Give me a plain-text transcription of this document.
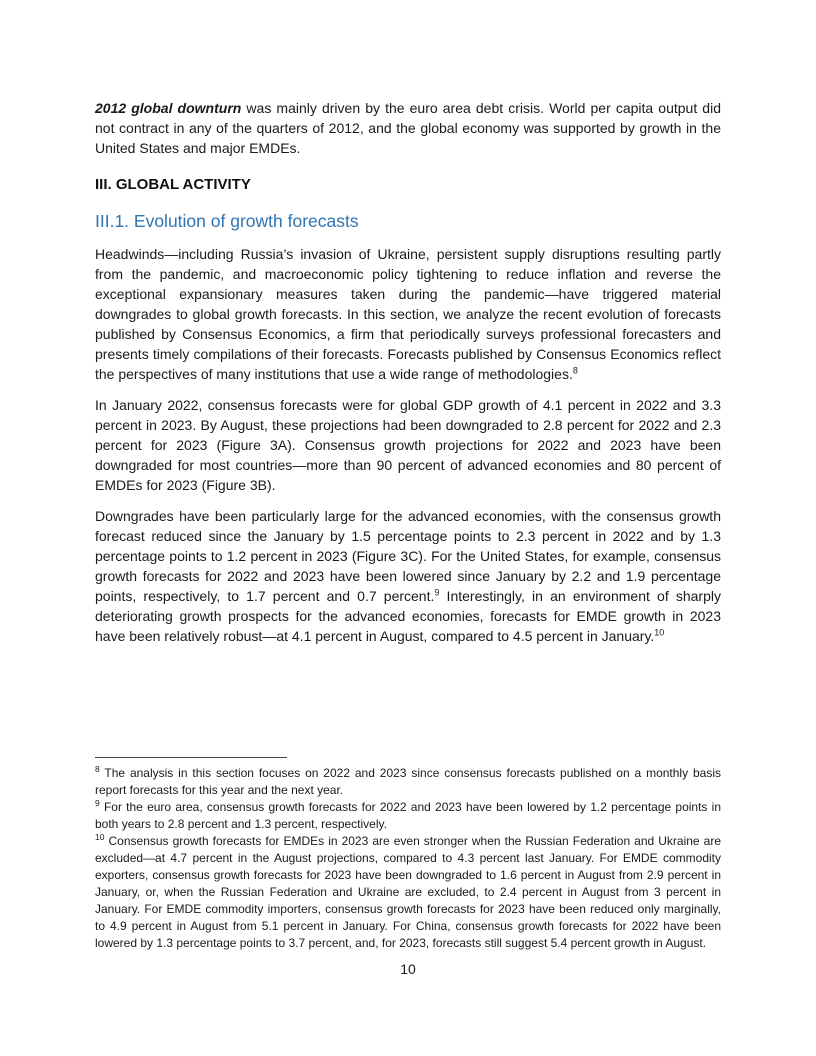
2012 global downturn was mainly driven by the euro area debt crisis. World per capita output did not contract in any of the quarters of 2012, and the global economy was supported by growth in the United States and major EMDEs.

III. GLOBAL ACTIVITY
III.1. Evolution of growth forecasts

Headwinds—including Russia’s invasion of Ukraine, persistent supply disruptions resulting partly from the pandemic, and macroeconomic policy tightening to reduce inflation and reverse the exceptional expansionary measures taken during the pandemic—have triggered material downgrades to global growth forecasts. In this section, we analyze the recent evolution of forecasts published by Consensus Economics, a firm that periodically surveys professional forecasters and presents timely compilations of their forecasts. Forecasts published by Consensus Economics reflect the perspectives of many institutions that use a wide range of methodologies.$^8$

In January 2022, consensus forecasts were for global GDP growth of 4.1 percent in 2022 and 3.3 percent in 2023. By August, these projections had been downgraded to 2.8 percent for 2022 and 2.3 percent for 2023 (Figure 3A). Consensus growth projections for 2022 and 2023 have been downgraded for most countries—more than 90 percent of advanced economies and 80 percent of EMDEs for 2023 (Figure 3B).

Downgrades have been particularly large for the advanced economies, with the consensus growth forecast reduced since the January by 1.5 percentage points to 2.3 percent in 2022 and by 1.3 percentage points to 1.2 percent in 2023 (Figure 3C). For the United States, for example, consensus growth forecasts for 2022 and 2023 have been lowered since January by 2.2 and 1.9 percentage points, respectively, to 1.7 percent and 0.7 percent.$^9$ Interestingly, in an environment of sharply deteriorating growth prospects for the advanced economies, forecasts for EMDE growth in 2023 have been relatively robust—at 4.1 percent in August, compared to 4.5 percent in January.$^{10}$

$^8$ The analysis in this section focuses on 2022 and 2023 since consensus forecasts published on a monthly basis report forecasts for this year and the next year.

$^9$ For the euro area, consensus growth forecasts for 2022 and 2023 have been lowered by 1.2 percentage points in both years to 2.8 percent and 1.3 percent, respectively.

$^{10}$ Consensus growth forecasts for EMDEs in 2023 are even stronger when the Russian Federation and Ukraine are excluded—at 4.7 percent in the August projections, compared to 4.3 percent last January. For EMDE commodity exporters, consensus growth forecasts for 2023 have been downgraded to 1.6 percent in August from 2.9 percent in January, or, when the Russian Federation and Ukraine are excluded, to 2.4 percent in August from 3 percent in January. For EMDE commodity importers, consensus growth forecasts for 2023 have been reduced only marginally, to 4.9 percent in August from 5.1 percent in January. For China, consensus growth forecasts for 2022 have been lowered by 1.3 percentage points to 3.7 percent, and, for 2023, forecasts still suggest 5.4 percent growth in August.

10
